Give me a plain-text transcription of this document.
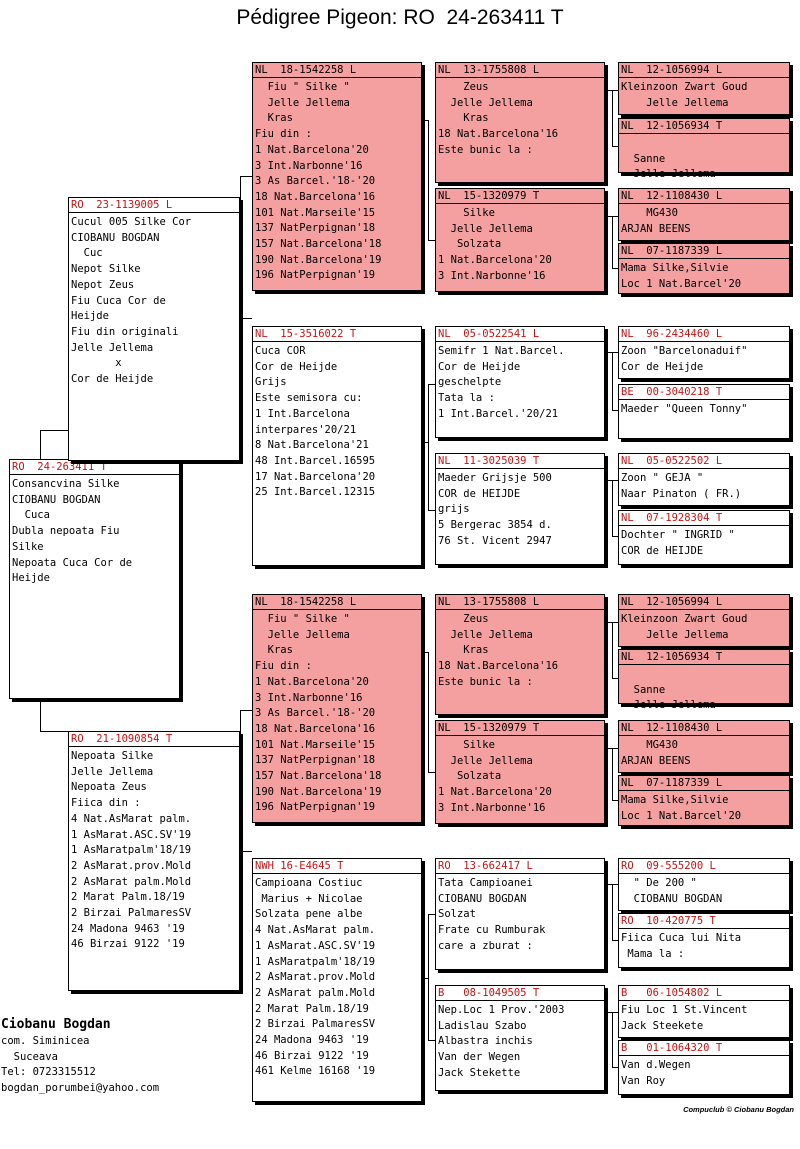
Pédigree Pigeon: RO  24-263411 T
RO  24-263411 T
Consancvina Silke
CIOBANU BOGDAN
Cuca
Dubla nepoata Fiu
Silke
Nepoata Cuca Cor de
Heijde
RO  23-1139005 L
Cucul 005 Silke Cor
CIOBANU BOGDAN
Cuc
Nepot Silke
Nepot Zeus
Fiu Cuca Cor de
Heijde
Fiu din originali
Jelle Jellema
x
Cor de Heijde
RO  21-1090854 T
Nepoata Silke
Jelle Jellema
Nepoata Zeus
Fiica din :
4 Nat.AsMarat palm.
1 AsMarat.ASC.SV'19
1 AsMaratpalm'18/19
2 AsMarat.prov.Mold
2 AsMarat palm.Mold
2 Marat Palm.18/19
2 Birzai PalmaresSV
24 Madona 9463 '19
46 Birzai 9122 '19
NL  18-1542258 L
Fiu " Silke "
Jelle Jellema
Kras
Fiu din :
1 Nat.Barcelona'20
3 Int.Narbonne'16
3 As Barcel.'18-'20
18 Nat.Barcelona'16
101 Nat.Marseile'15
137 NatPerpignan'18
157 Nat.Barcelona'18
190 Nat.Barcelona'19
196 NatPerpignan'19
NL  15-3516022 T
Cuca COR
Cor de Heijde
Grijs
Este semisora cu:
1 Int.Barcelona
interpares'20/21
8 Nat.Barcelona'21
48 Int.Barcel.16595
17 Nat.Barcelona'20
25 Int.Barcel.12315
NL  18-1542258 L
Fiu " Silke "
Jelle Jellema
Kras
Fiu din :
1 Nat.Barcelona'20
3 Int.Narbonne'16
3 As Barcel.'18-'20
18 Nat.Barcelona'16
101 Nat.Marseile'15
137 NatPerpignan'18
157 Nat.Barcelona'18
190 Nat.Barcelona'19
196 NatPerpignan'19
NWH 16-E4645 T
Campioana Costiuc
Marius + Nicolae
Solzata pene albe
4 Nat.AsMarat palm.
1 AsMarat.ASC.SV'19
1 AsMaratpalm'18/19
2 AsMarat.prov.Mold
2 AsMarat palm.Mold
2 Marat Palm.18/19
2 Birzai PalmaresSV
24 Madona 9463 '19
46 Birzai 9122 '19
461 Kelme 16168 '19
NL  13-1755808 L
Zeus
Jelle Jellema
Kras
18 Nat.Barcelona'16
Este bunic la :
NL  15-1320979 T
Silke
Jelle Jellema
Solzata
1 Nat.Barcelona'20
3 Int.Narbonne'16
NL  05-0522541 L
Semifr 1 Nat.Barcel.
Cor de Heijde
geschelpte
Tata la :
1 Int.Barcel.'20/21
NL  11-3025039 T
Maeder Grijsje 500
COR de HEIJDE
grijs
5 Bergerac 3854 d.
76 St. Vicent 2947
NL  13-1755808 L
Zeus
Jelle Jellema
Kras
18 Nat.Barcelona'16
Este bunic la :
NL  15-1320979 T
Silke
Jelle Jellema
Solzata
1 Nat.Barcelona'20
3 Int.Narbonne'16
RO  13-662417 L
Tata Campioanei
CIOBANU BOGDAN
Solzat
Frate cu Rumburak
care a zburat :
B   08-1049505 T
Nep.Loc 1 Prov.'2003
Ladislau Szabo
Albastra inchis
Van der Wegen
Jack Stekette
NL  12-1056994 L
Kleinzoon Zwart Goud
Jelle Jellema
NL  12-1056934 T
Sanne
Jelle Jellema
NL  12-1108430 L
MG430
ARJAN BEENS
NL  07-1187339 L
Mama Silke,Silvie
Loc 1 Nat.Barcel'20
NL  96-2434460 L
Zoon "Barcelonaduif"
Cor de Heijde
BE  00-3040218 T
Maeder "Queen Tonny"
NL  05-0522502 L
Zoon " GEJA "
Naar Pinaton ( FR.)
NL  07-1928304 T
Dochter " INGRID "
COR de HEIJDE
NL  12-1056994 L
Kleinzoon Zwart Goud
Jelle Jellema
NL  12-1056934 T
Sanne
Jelle Jellema
NL  12-1108430 L
MG430
ARJAN BEENS
NL  07-1187339 L
Mama Silke,Silvie
Loc 1 Nat.Barcel'20
RO  09-555200 L
" De 200 "
CIOBANU BOGDAN
RO  10-420775 T
Fiica Cuca lui Nita
Mama la :
B   06-1054802 L
Fiu Loc 1 St.Vincent
Jack Steekete
B   01-1064320 T
Van d.Wegen
Van Roy
Ciobanu Bogdan
com. Siminicea
Suceava
Tel: 0723315512
bogdan_porumbei@yahoo.com
Compuclub © Ciobanu Bogdan
